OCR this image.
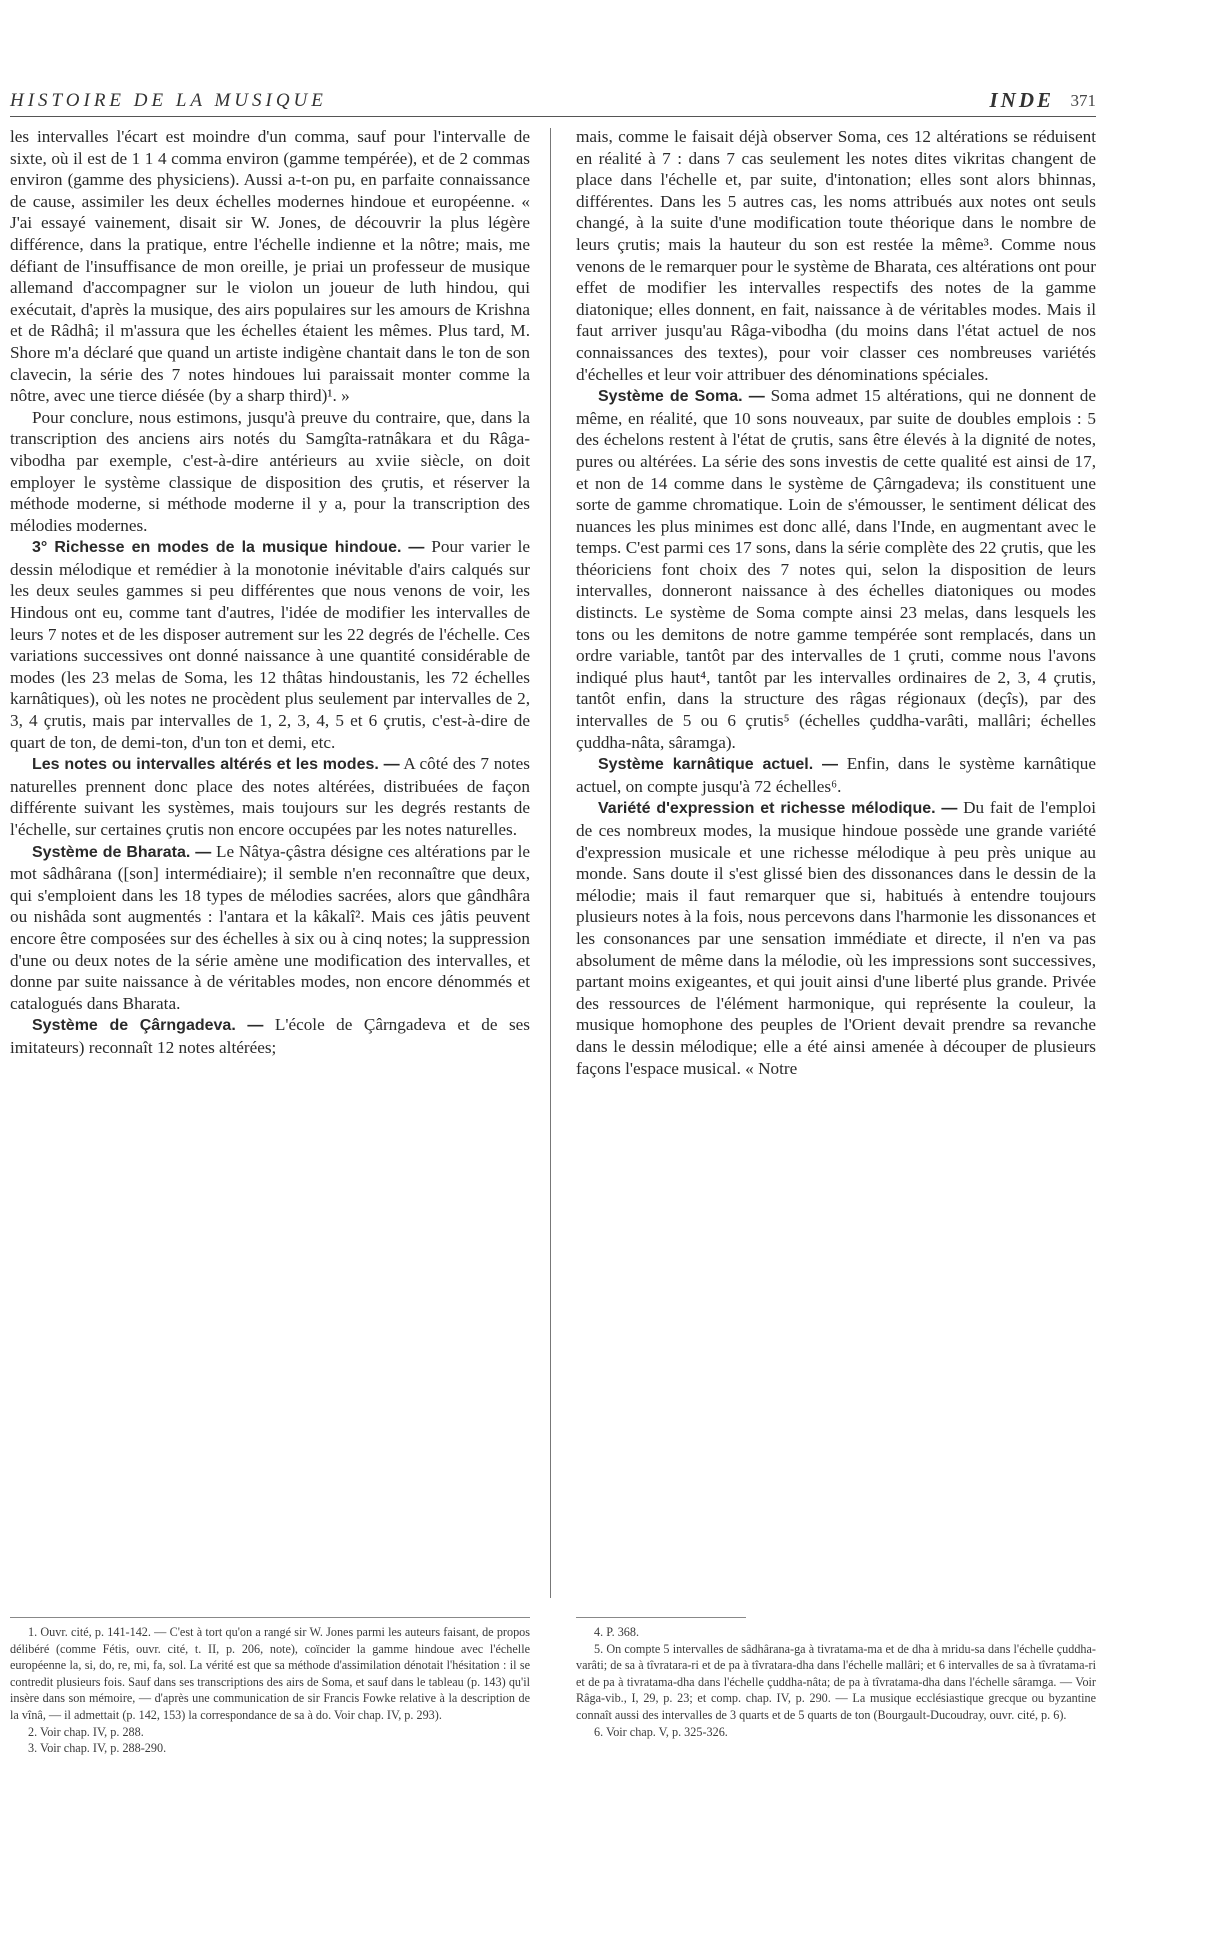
HISTOIRE DE LA MUSIQUE	INDE 371

les intervalles l'écart est moindre d'un comma, sauf pour l'intervalle de sixte, où il est de 1 1 4 comma environ (gamme tempérée), et de 2 commas environ (gamme des physiciens). Aussi a-t-on pu, en parfaite connaissance de cause, assimiler les deux échelles modernes hindoue et européenne. « J'ai essayé vainement, disait sir W. Jones, de découvrir la plus légère différence, dans la pratique, entre l'échelle indienne et la nôtre; mais, me défiant de l'insuffisance de mon oreille, je priai un professeur de musique allemand d'accompagner sur le violon un joueur de luth hindou, qui exécutait, d'après la musique, des airs populaires sur les amours de Krishna et de Râdhâ; il m'assura que les échelles étaient les mêmes. Plus tard, M. Shore m'a déclaré que quand un artiste indigène chantait dans le ton de son clavecin, la série des 7 notes hindoues lui paraissait monter comme la nôtre, avec une tierce diésée (by a sharp third)¹. »

Pour conclure, nous estimons, jusqu'à preuve du contraire, que, dans la transcription des anciens airs notés du Samgîta-ratnâkara et du Râga-vibodha par exemple, c'est-à-dire antérieurs au xviie siècle, on doit employer le système classique de disposition des çrutis, et réserver la méthode moderne, si méthode moderne il y a, pour la transcription des mélodies modernes.

3° Richesse en modes de la musique hindoue. — Pour varier le dessin mélodique et remédier à la monotonie inévitable d'airs calqués sur les deux seules gammes si peu différentes que nous venons de voir, les Hindous ont eu, comme tant d'autres, l'idée de modifier les intervalles de leurs 7 notes et de les disposer autrement sur les 22 degrés de l'échelle. Ces variations successives ont donné naissance à une quantité considérable de modes (les 23 melas de Soma, les 12 thâtas hindoustanis, les 72 échelles karnâtiques), où les notes ne procèdent plus seulement par intervalles de 2, 3, 4 çrutis, mais par intervalles de 1, 2, 3, 4, 5 et 6 çrutis, c'est-à-dire de quart de ton, de demi-ton, d'un ton et demi, etc.

Les notes ou intervalles altérés et les modes. — A côté des 7 notes naturelles prennent donc place des notes altérées, distribuées de façon différente suivant les systèmes, mais toujours sur les degrés restants de l'échelle, sur certaines çrutis non encore occupées par les notes naturelles.

Système de Bharata. — Le Nâtya-çâstra désigne ces altérations par le mot sâdhârana ([son] intermédiaire); il semble n'en reconnaître que deux, qui s'emploient dans les 18 types de mélodies sacrées, alors que gândhâra ou nishâda sont augmentés : l'antara et la kâkalî². Mais ces jâtis peuvent encore être composées sur des échelles à six ou à cinq notes; la suppression d'une ou deux notes de la série amène une modification des intervalles, et donne par suite naissance à de véritables modes, non encore dénommés et catalogués dans Bharata.

Système de Çârngadeva. — L'école de Çârngadeva et de ses imitateurs) reconnaît 12 notes altérées;

mais, comme le faisait déjà observer Soma, ces 12 altérations se réduisent en réalité à 7 : dans 7 cas seulement les notes dites vikritas changent de place dans l'échelle et, par suite, d'intonation; elles sont alors bhinnas, différentes. Dans les 5 autres cas, les noms attribués aux notes ont seuls changé, à la suite d'une modification toute théorique dans le nombre de leurs çrutis; mais la hauteur du son est restée la même³. Comme nous venons de le remarquer pour le système de Bharata, ces altérations ont pour effet de modifier les intervalles respectifs des notes de la gamme diatonique; elles donnent, en fait, naissance à de véritables modes. Mais il faut arriver jusqu'au Râga-vibodha (du moins dans l'état actuel de nos connaissances des textes), pour voir classer ces nombreuses variétés d'échelles et leur voir attribuer des dénominations spéciales.

Système de Soma. — Soma admet 15 altérations, qui ne donnent de même, en réalité, que 10 sons nouveaux, par suite de doubles emplois : 5 des échelons restent à l'état de çrutis, sans être élevés à la dignité de notes, pures ou altérées. La série des sons investis de cette qualité est ainsi de 17, et non de 14 comme dans le système de Çârngadeva; ils constituent une sorte de gamme chromatique. Loin de s'émousser, le sentiment délicat des nuances les plus minimes est donc allé, dans l'Inde, en augmentant avec le temps. C'est parmi ces 17 sons, dans la série complète des 22 çrutis, que les théoriciens font choix des 7 notes qui, selon la disposition de leurs intervalles, donneront naissance à des échelles diatoniques ou modes distincts. Le système de Soma compte ainsi 23 melas, dans lesquels les tons ou les demitons de notre gamme tempérée sont remplacés, dans un ordre variable, tantôt par des intervalles de 1 çruti, comme nous l'avons indiqué plus haut⁴, tantôt par les intervalles ordinaires de 2, 3, 4 çrutis, tantôt enfin, dans la structure des râgas régionaux (deçîs), par des intervalles de 5 ou 6 çrutis⁵ (échelles çuddha-varâti, mallâri; échelles çuddha-nâta, sâramga).

Système karnâtique actuel. — Enfin, dans le système karnâtique actuel, on compte jusqu'à 72 échelles⁶.

Variété d'expression et richesse mélodique. — Du fait de l'emploi de ces nombreux modes, la musique hindoue possède une grande variété d'expression musicale et une richesse mélodique à peu près unique au monde. Sans doute il s'est glissé bien des dissonances dans le dessin de la mélodie; mais il faut remarquer que si, habitués à entendre toujours plusieurs notes à la fois, nous percevons dans l'harmonie les dissonances et les consonances par une sensation immédiate et directe, il n'en va pas absolument de même dans la mélodie, où les impressions sont successives, partant moins exigeantes, et qui jouit ainsi d'une liberté plus grande. Privée des ressources de l'élément harmonique, qui représente la couleur, la musique homophone des peuples de l'Orient devait prendre sa revanche dans le dessin mélodique; elle a été ainsi amenée à découper de plusieurs façons l'espace musical. « Notre

1. Ouvr. cité, p. 141-142. — C'est à tort qu'on a rangé sir W. Jones parmi les auteurs faisant, de propos délibéré (comme Fétis, ouvr. cité, t. II, p. 206, note), coïncider la gamme hindoue avec l'échelle européenne la, si, do, re, mi, fa, sol. La vérité est que sa méthode d'assimilation dénotait l'hésitation : il se contredit plusieurs fois. Sauf dans ses transcriptions des airs de Soma, et sauf dans le tableau (p. 143) qu'il insère dans son mémoire, — d'après une communication de sir Francis Fowke relative à la description de la vînâ, — il admettait (p. 142, 153) la correspondance de sa à do. Voir chap. IV, p. 293).

2. Voir chap. IV, p. 288.

3. Voir chap. IV, p. 288-290.

4. P. 368.

5. On compte 5 intervalles de sâdhârana-ga à tivratama-ma et de dha à mridu-sa dans l'échelle çuddha-varâti; de sa à tîvratara-ri et de pa à tîvratara-dha dans l'échelle mallâri; et 6 intervalles de sa à tîvratama-ri et de pa à tivratama-dha dans l'échelle çuddha-nâta; de pa à tîvratama-dha dans l'échelle sâramga. — Voir Râga-vib., I, 29, p. 23; et comp. chap. IV, p. 290. — La musique ecclésiastique grecque ou byzantine connaît aussi des intervalles de 3 quarts et de 5 quarts de ton (Bourgault-Ducoudray, ouvr. cité, p. 6).

6. Voir chap. V, p. 325-326.
